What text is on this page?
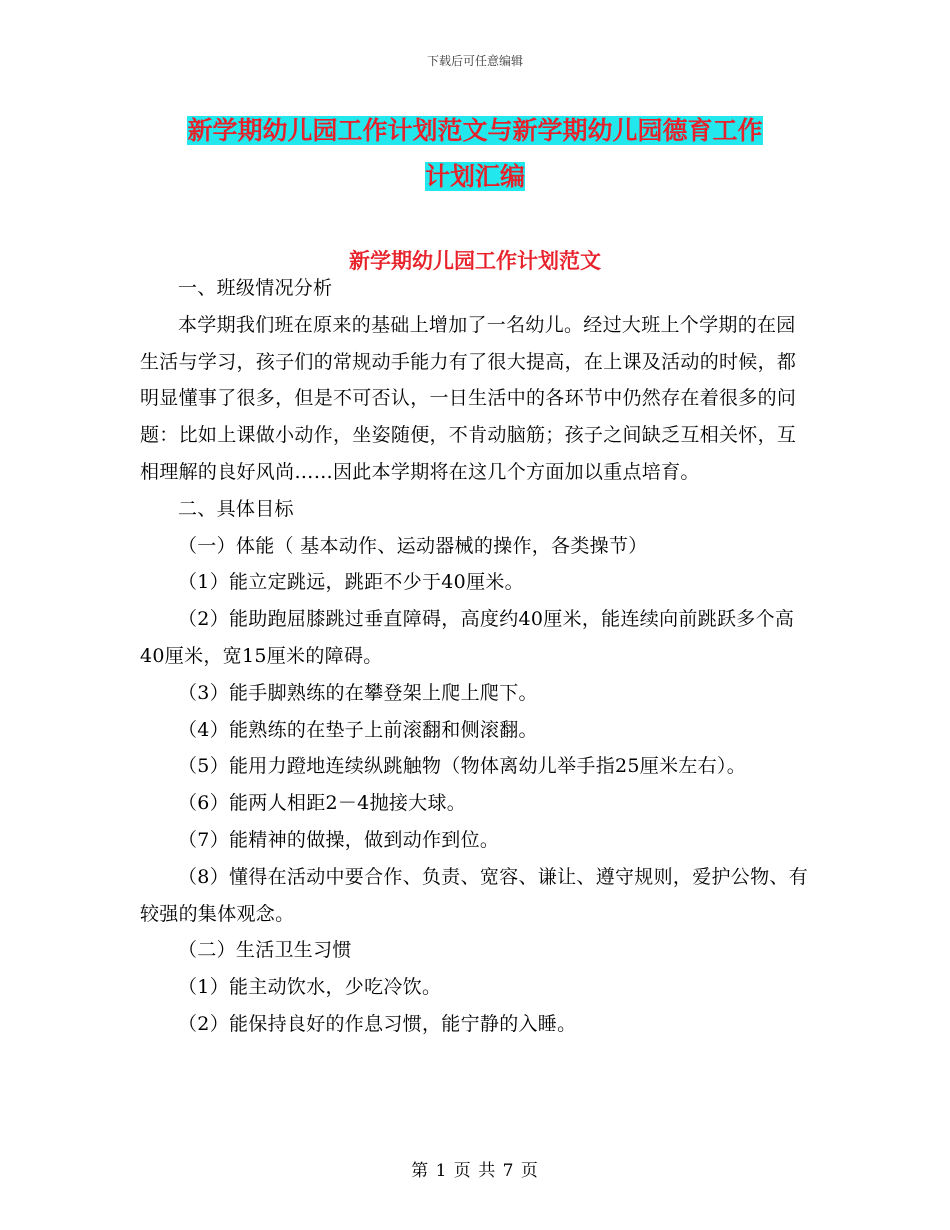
下载后可任意编辑
新学期幼儿园工作计划范文与新学期幼儿园德育工作
计划汇编
新学期幼儿园工作计划范文

一、班级情况分析

本学期我们班在原来的基础上增加了一名幼儿。经过大班上个学期的在园生活与学习，孩子们的常规动手能力有了很大提高，在上课及活动的时候，都明显懂事了很多，但是不可否认，一日生活中的各环节中仍然存在着很多的问题：比如上课做小动作，坐姿随便，不肯动脑筋；孩子之间缺乏互相关怀，互相理解的良好风尚……因此本学期将在这几个方面加以重点培育。

二、具体目标

（一）体能（ 基本动作、运动器械的操作，各类操节）

（1）能立定跳远，跳距不少于40厘米。

（2）能助跑屈膝跳过垂直障碍，高度约40厘米，能连续向前跳跃多个高40厘米，宽15厘米的障碍。

（3）能手脚熟练的在攀登架上爬上爬下。

（4）能熟练的在垫子上前滚翻和侧滚翻。

（5）能用力蹬地连续纵跳触物（物体离幼儿举手指25厘米左右）。

（6）能两人相距2－4抛接大球。

（7）能精神的做操，做到动作到位。

（8）懂得在活动中要合作、负责、宽容、谦让、遵守规则，爱护公物、有较强的集体观念。

（二）生活卫生习惯

（1）能主动饮水，少吃冷饮。

（2）能保持良好的作息习惯，能宁静的入睡。

第 1 页 共 7 页
